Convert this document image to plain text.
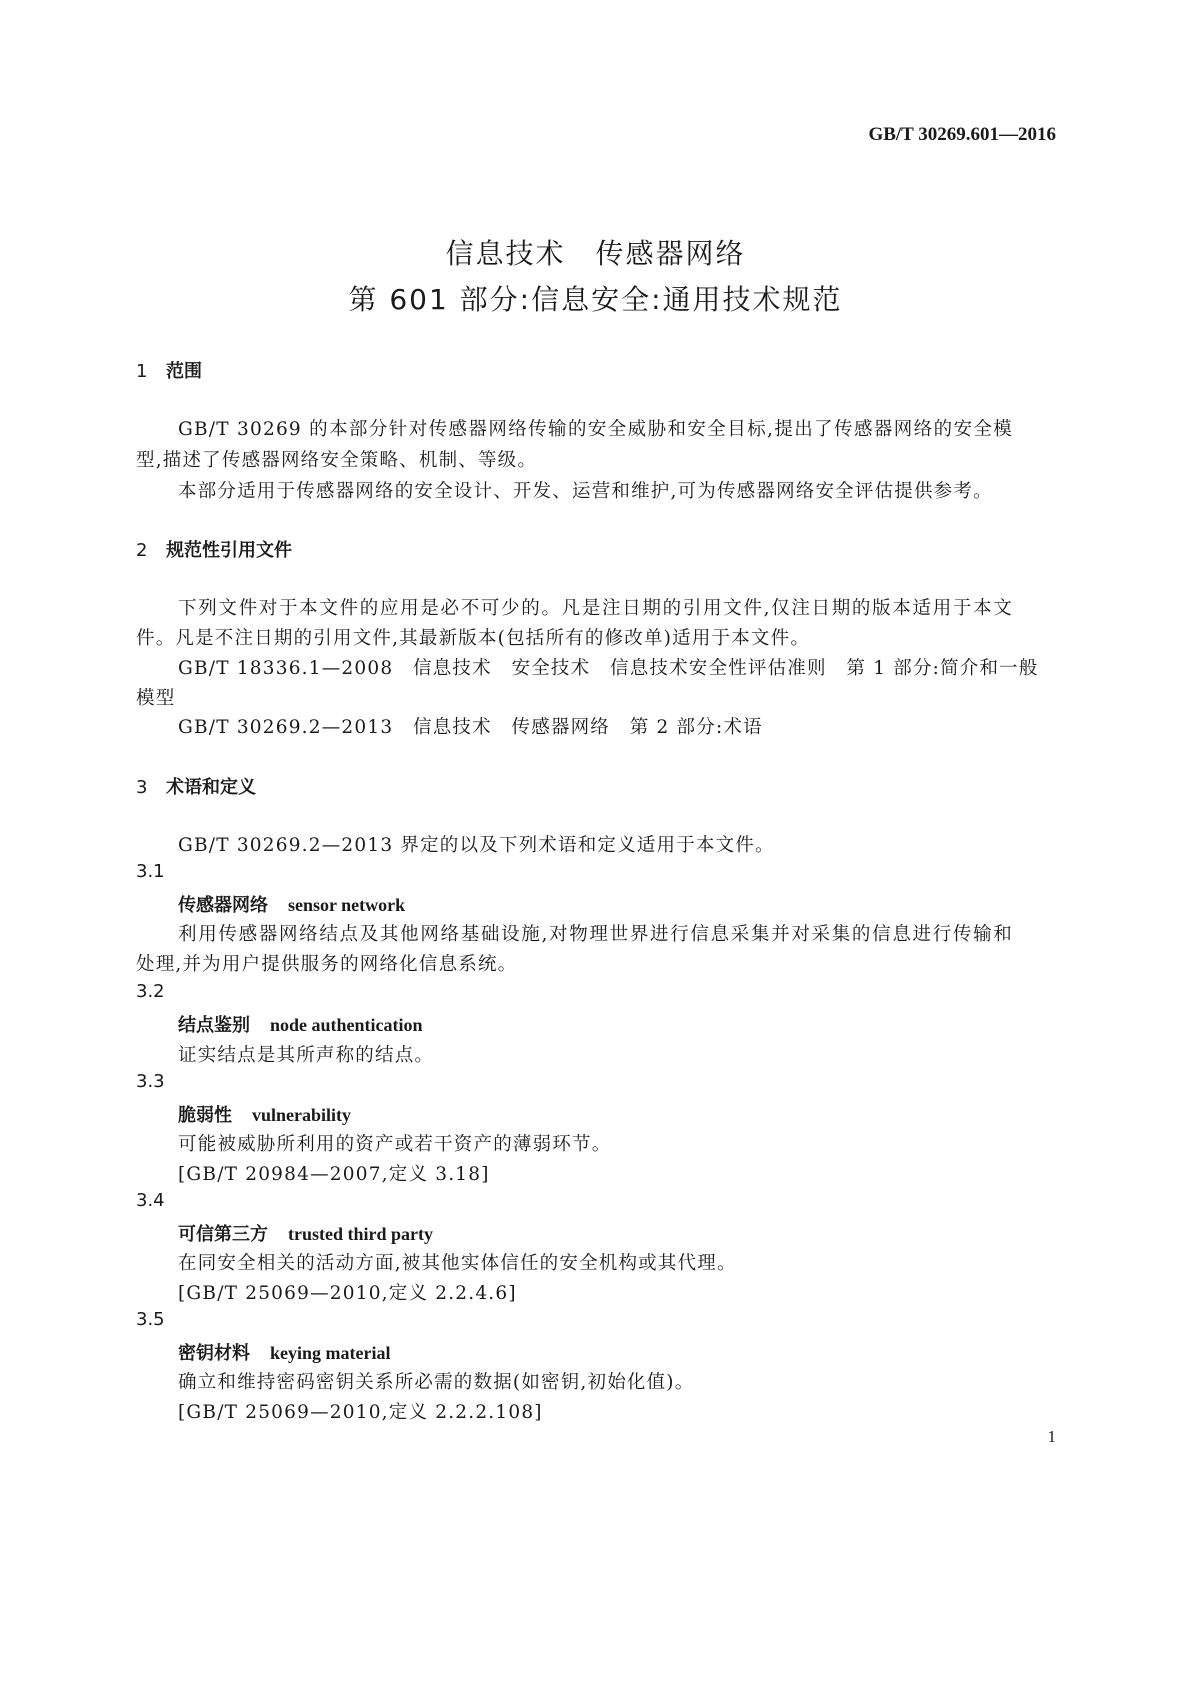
GB/T 30269.601—2016
信息技术　传感器网络
第 601 部分:信息安全:通用技术规范
1 范围
GB/T 30269 的本部分针对传感器网络传输的安全威胁和安全目标,提出了传感器网络的安全模
型,描述了传感器网络安全策略、机制、等级。
本部分适用于传感器网络的安全设计、开发、运营和维护,可为传感器网络安全评估提供参考。
2 规范性引用文件
下列文件对于本文件的应用是必不可少的。凡是注日期的引用文件,仅注日期的版本适用于本文
件。凡是不注日期的引用文件,其最新版本(包括所有的修改单)适用于本文件。
GB/T 18336.1—2008　信息技术　安全技术　信息技术安全性评估准则　第 1 部分:简介和一般
模型
GB/T 30269.2—2013　信息技术　传感器网络　第 2 部分:术语
3 术语和定义
GB/T 30269.2—2013 界定的以及下列术语和定义适用于本文件。
3.1
传感器网络 sensor network
利用传感器网络结点及其他网络基础设施,对物理世界进行信息采集并对采集的信息进行传输和
处理,并为用户提供服务的网络化信息系统。
3.2
结点鉴别 node authentication
证实结点是其所声称的结点。
3.3
脆弱性 vulnerability
可能被威胁所利用的资产或若干资产的薄弱环节。
[GB/T 20984—2007,定义 3.18]
3.4
可信第三方 trusted third party
在同安全相关的活动方面,被其他实体信任的安全机构或其代理。
[GB/T 25069—2010,定义 2.2.4.6]
3.5
密钥材料 keying material
确立和维持密码密钥关系所必需的数据(如密钥,初始化值)。
[GB/T 25069—2010,定义 2.2.2.108]
1
